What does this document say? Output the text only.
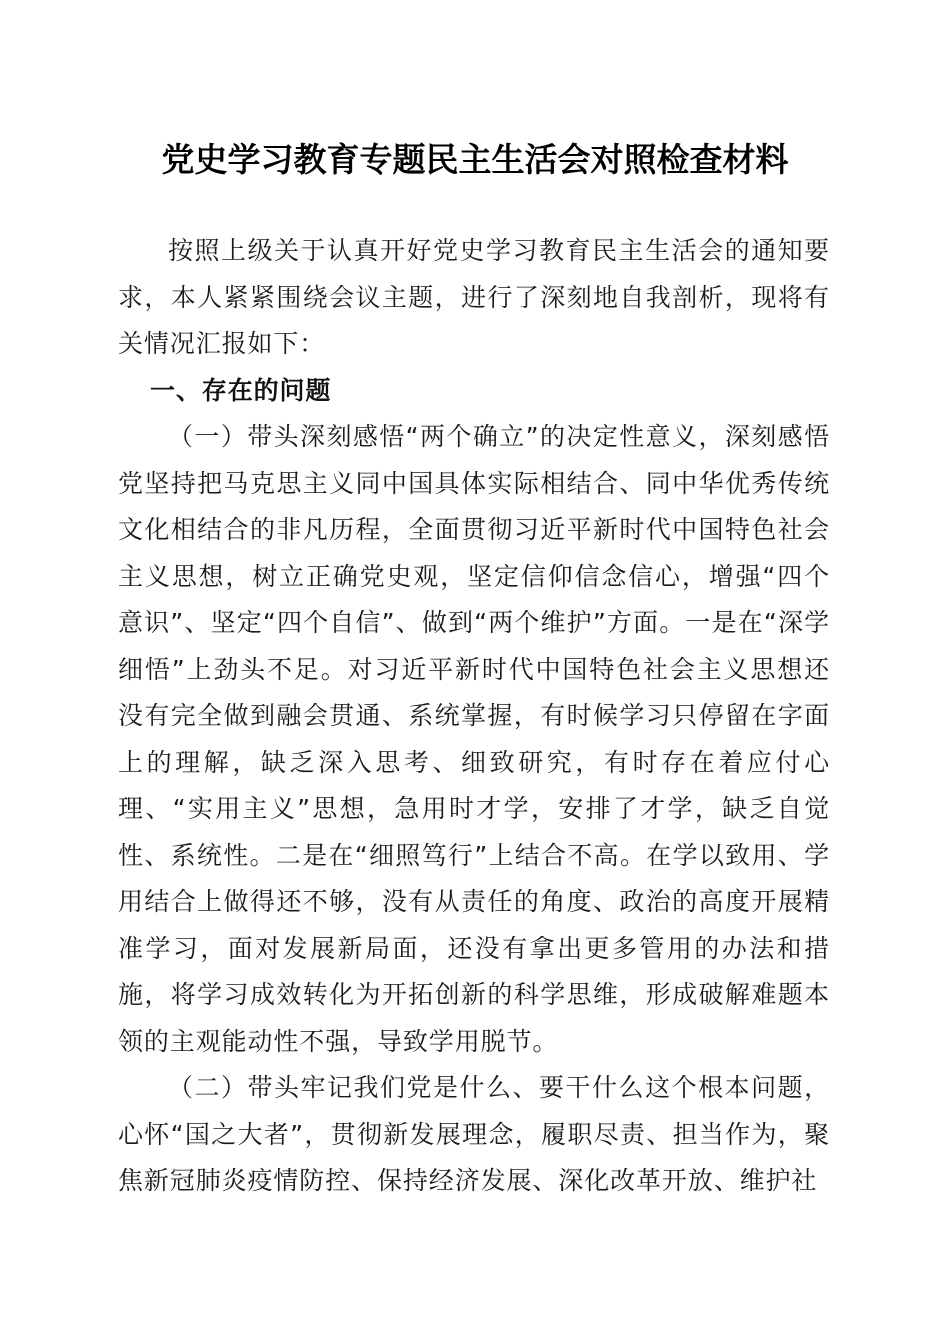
党史学习教育专题民主生活会对照检查材料

按照上级关于认真开好党史学习教育民主生活会的通知要求，本人紧紧围绕会议主题，进行了深刻地自我剖析，现将有关情况汇报如下：

一、存在的问题

（一）带头深刻感悟“两个确立”的决定性意义，深刻感悟党坚持把马克思主义同中国具体实际相结合、同中华优秀传统文化相结合的非凡历程，全面贯彻习近平新时代中国特色社会主义思想，树立正确党史观，坚定信仰信念信心，增强“四个意识”、坚定“四个自信”、做到“两个维护”方面。一是在“深学细悟”上劲头不足。对习近平新时代中国特色社会主义思想还没有完全做到融会贯通、系统掌握，有时候学习只停留在字面上的理解，缺乏深入思考、细致研究，有时存在着应付心理、“实用主义”思想，急用时才学，安排了才学，缺乏自觉性、系统性。二是在“细照笃行”上结合不高。在学以致用、学用结合上做得还不够，没有从责任的角度、政治的高度开展精准学习，面对发展新局面，还没有拿出更多管用的办法和措施，将学习成效转化为开拓创新的科学思维，形成破解难题本领的主观能动性不强，导致学用脱节。

（二）带头牢记我们党是什么、要干什么这个根本问题，心怀“国之大者”，贯彻新发展理念，履职尽责、担当作为，聚焦新冠肺炎疫情防控、保持经济发展、深化改革开放、维护社
